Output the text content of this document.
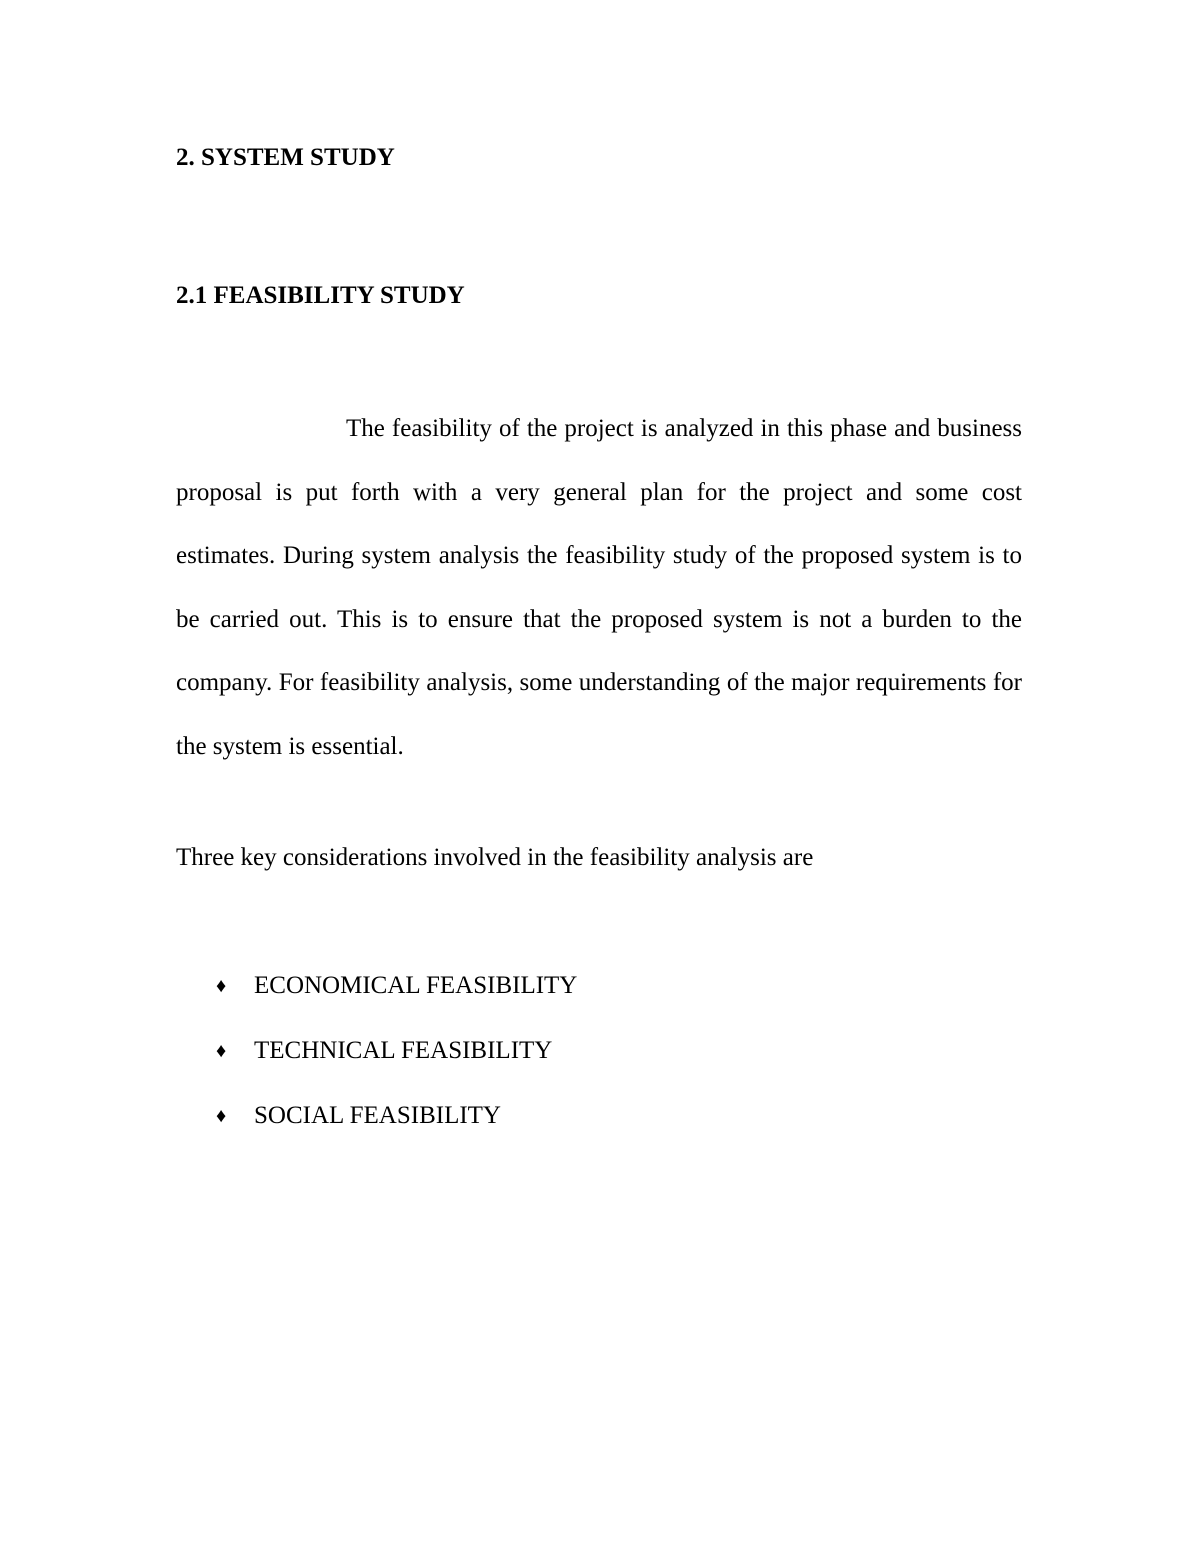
2. SYSTEM STUDY
2.1 FEASIBILITY STUDY

The feasibility of the project is analyzed in this phase and business proposal is put forth with a very general plan for the project and some cost estimates. During system analysis the feasibility study of the proposed system is to be carried out. This is to ensure that the proposed system is not a burden to the company. For feasibility analysis, some understanding of the major requirements for the system is essential.

Three key considerations involved in the feasibility analysis are

♦ ECONOMICAL FEASIBILITY
♦ TECHNICAL FEASIBILITY
♦ SOCIAL FEASIBILITY
